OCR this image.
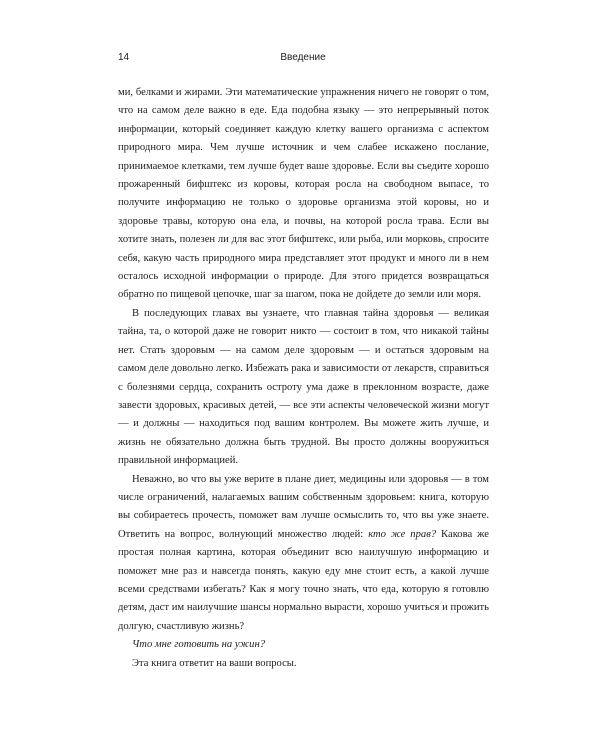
14	Введение

ми, белками и жирами. Эти математические упражнения ничего не говорят о том, что на самом деле важно в еде. Еда подобна языку — это непрерывный поток информации, который соединяет каждую клетку вашего организма с аспектом природного мира. Чем лучше источник и чем слабее искажено послание, принимаемое клетками, тем лучше будет ваше здоровье. Если вы съедите хорошо прожаренный бифштекс из коровы, которая росла на свободном выпасе, то получите информацию не только о здоровье организма этой коровы, но и здоровье травы, которую она ела, и почвы, на которой росла трава. Если вы хотите знать, полезен ли для вас этот бифштекс, или рыба, или морковь, спросите себя, какую часть природного мира представляет этот продукт и много ли в нем осталось исходной информации о природе. Для этого придется возвращаться обратно по пищевой цепочке, шаг за шагом, пока не дойдете до земли или моря.

В последующих главах вы узнаете, что главная тайна здоровья — великая тайна, та, о которой даже не говорит никто — состоит в том, что никакой тайны нет. Стать здоровым — на самом деле здоровым — и остаться здоровым на самом деле довольно легко. Избежать рака и зависимости от лекарств, справиться с болезнями сердца, сохранить остроту ума даже в преклонном возрасте, даже завести здоровых, красивых детей, — все эти аспекты человеческой жизни могут — и должны — находиться под вашим контролем. Вы можете жить лучше, и жизнь не обязательно должна быть трудной. Вы просто должны вооружиться правильной информацией.

Неважно, во что вы уже верите в плане диет, медицины или здоровья — в том числе ограничений, налагаемых вашим собственным здоровьем: книга, которую вы собираетесь прочесть, поможет вам лучше осмыслить то, что вы уже знаете. Ответить на вопрос, волнующий множество людей: кто же прав? Какова же простая полная картина, которая объединит всю наилучшую информацию и поможет мне раз и навсегда понять, какую еду мне стоит есть, а какой лучше всеми средствами избегать? Как я могу точно знать, что еда, которую я готовлю детям, даст им наилучшие шансы нормально вырасти, хорошо учиться и прожить долгую, счастливую жизнь?

Что мне готовить на ужин?

Эта книга ответит на ваши вопросы.
